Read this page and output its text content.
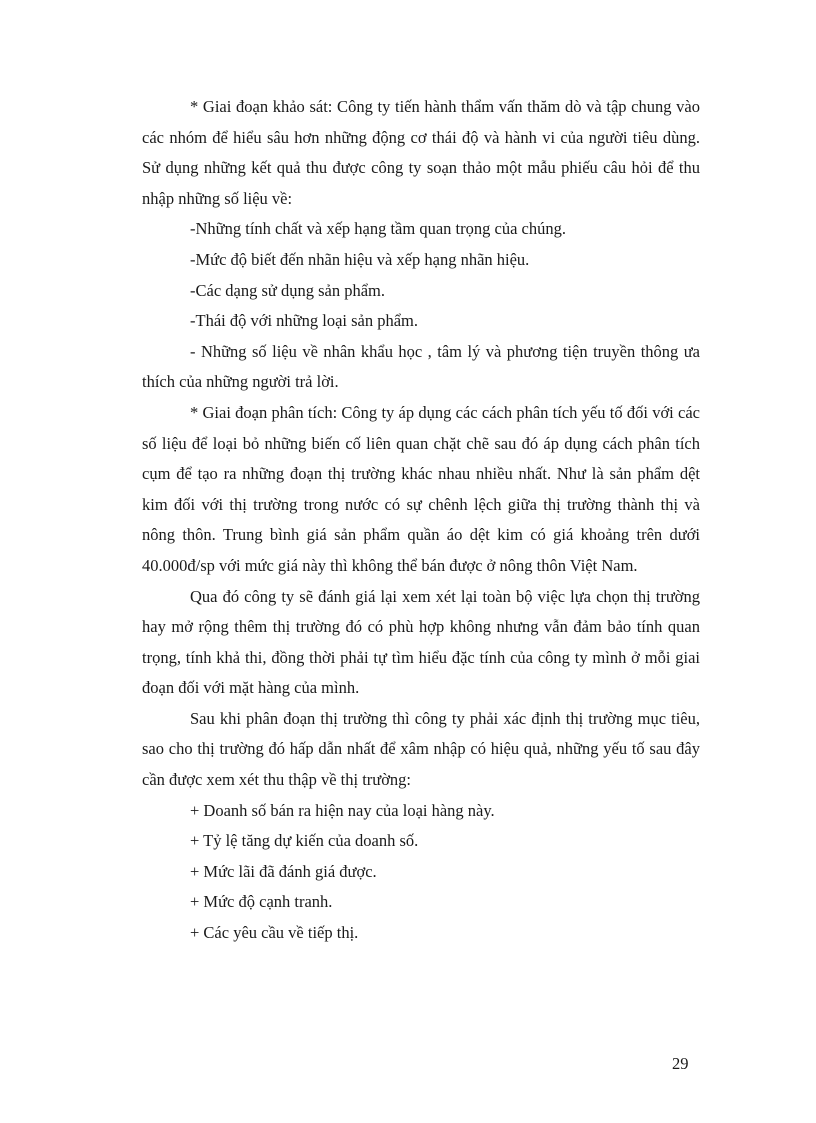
* Giai đoạn khảo sát: Công ty tiến hành thẩm vấn thăm dò và tập chung vào các nhóm để hiểu sâu hơn những động cơ thái độ và hành vi của người tiêu dùng. Sử dụng những kết quả thu được công ty soạn thảo một mẫu phiếu câu hỏi để thu nhập những số liệu về:

-Những tính chất và xếp hạng tầm quan trọng của chúng.

-Mức độ biết đến nhãn hiệu và xếp hạng nhãn hiệu.

-Các dạng sử dụng sản phẩm.

-Thái độ với những loại sản phẩm.

- Những số liệu về nhân khẩu học , tâm lý và phương tiện truyền thông ưa thích của những người trả lời.

* Giai đoạn phân tích: Công ty áp dụng các cách phân tích yếu tố đối với các số liệu để loại bỏ những biến cố liên quan chặt chẽ sau đó áp dụng cách phân tích cụm để tạo ra những đoạn thị trường khác nhau nhiều nhất. Như là sản phẩm dệt kim đối với thị trường trong nước có sự chênh lệch giữa thị trường thành thị và nông thôn. Trung bình giá sản phẩm quần áo dệt kim có giá khoảng trên dưới 40.000đ/sp với mức giá này thì không thể bán được ở nông thôn Việt Nam.

Qua đó công ty sẽ đánh giá lại xem xét lại toàn bộ việc lựa chọn thị trường hay mở rộng thêm thị trường đó có phù hợp không nhưng vẫn đảm bảo tính quan trọng, tính khả thi, đồng thời phải tự tìm hiểu đặc tính của công ty mình ở mỗi giai đoạn đối với mặt hàng của mình.

Sau khi phân đoạn thị trường thì công ty phải xác định thị trường mục tiêu, sao cho thị trường đó hấp dẫn nhất để xâm nhập có hiệu quả, những yếu tố sau đây cần được xem xét thu thập về thị trường:

+ Doanh số bán ra hiện nay của loại hàng này.

+ Tỷ lệ tăng dự kiến của doanh số.

+ Mức lãi đã đánh giá được.

+ Mức độ cạnh tranh.

+ Các yêu cầu về tiếp thị.

29
